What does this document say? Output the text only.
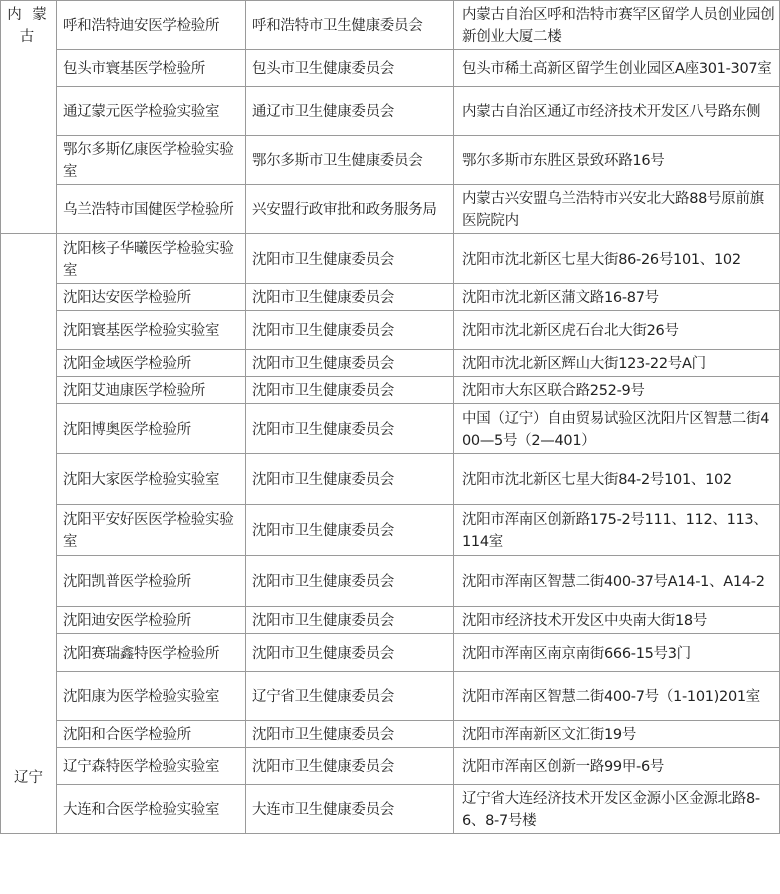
内 蒙 古	呼和浩特迪安医学检验所	呼和浩特市卫生健康委员会	内蒙古自治区呼和浩特市赛罕区留学人员创业园创新创业大厦二楼
	包头市寰基医学检验所	包头市卫生健康委员会	包头市稀土高新区留学生创业园区A座301-307室
	通辽蒙元医学检验实验室	通辽市卫生健康委员会	内蒙古自治区通辽市经济技术开发区八号路东侧
	鄂尔多斯亿康医学检验实验室	鄂尔多斯市卫生健康委员会	鄂尔多斯市东胜区景致环路16号
	乌兰浩特市国健医学检验所	兴安盟行政审批和政务服务局	内蒙古兴安盟乌兰浩特市兴安北大路88号原前旗医院院内
辽宁	沈阳核子华曦医学检验实验室	沈阳市卫生健康委员会	沈阳市沈北新区七星大街86-26号101、102
	沈阳达安医学检验所	沈阳市卫生健康委员会	沈阳市沈北新区蒲文路16-87号
	沈阳寰基医学检验实验室	沈阳市卫生健康委员会	沈阳市沈北新区虎石台北大街26号
	沈阳金域医学检验所	沈阳市卫生健康委员会	沈阳市沈北新区辉山大街123-22号A门
	沈阳艾迪康医学检验所	沈阳市卫生健康委员会	沈阳市大东区联合路252-9号
	沈阳博奥医学检验所	沈阳市卫生健康委员会	中国（辽宁）自由贸易试验区沈阳片区智慧二街400—5号（2—401）
	沈阳大家医学检验实验室	沈阳市卫生健康委员会	沈阳市沈北新区七星大街84-2号101、102
	沈阳平安好医医学检验实验室	沈阳市卫生健康委员会	沈阳市浑南区创新路175-2号111、112、113、114室
	沈阳凯普医学检验所	沈阳市卫生健康委员会	沈阳市浑南区智慧二街400-37号A14-1、A14-2
	沈阳迪安医学检验所	沈阳市卫生健康委员会	沈阳市经济技术开发区中央南大街18号
	沈阳赛瑞鑫特医学检验所	沈阳市卫生健康委员会	沈阳市浑南区南京南街666-15号3门
	沈阳康为医学检验实验室	辽宁省卫生健康委员会	沈阳市浑南区智慧二街400-7号（1-101)201室
	沈阳和合医学检验所	沈阳市卫生健康委员会	沈阳市浑南新区文汇街19号
	辽宁森特医学检验实验室	沈阳市卫生健康委员会	沈阳市浑南区创新一路99甲-6号
	大连和合医学检验实验室	大连市卫生健康委员会	辽宁省大连经济技术开发区金源小区金源北路8-6、8-7号楼
